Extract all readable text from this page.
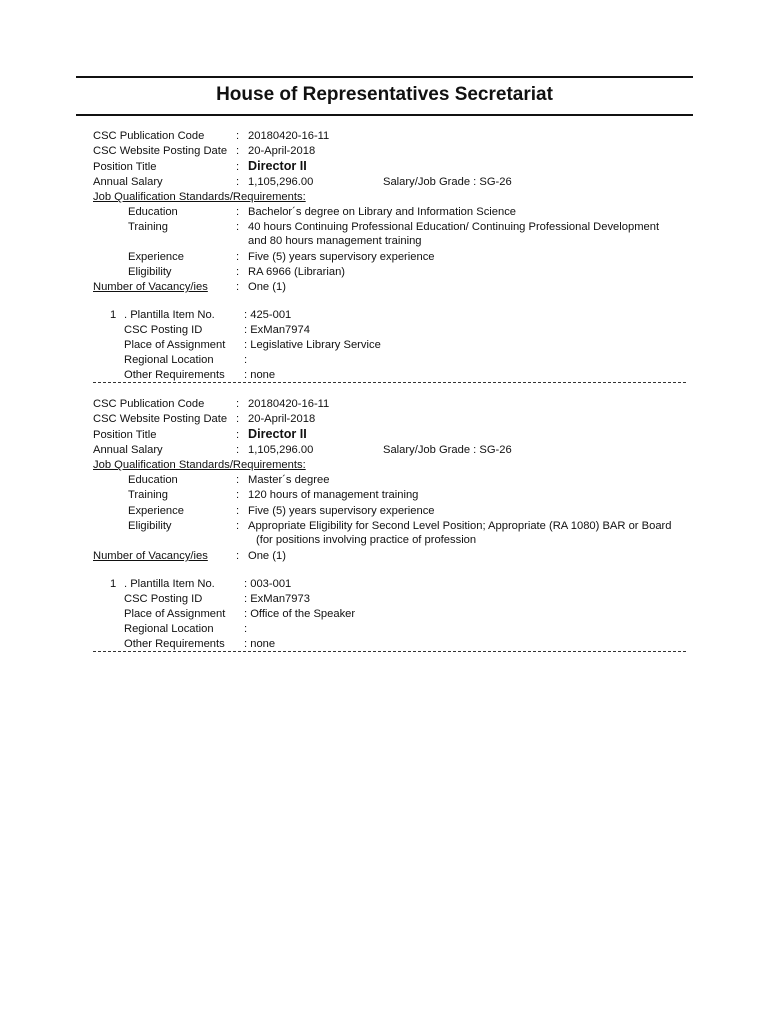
House of Representatives Secretariat
CSC Publication Code	: 20180420-16-11
CSC Website Posting Date : 20-April-2018
Position Title	: Director II
Annual Salary	: 1,105,296.00	Salary/Job Grade : SG-26
Job Qualification Standards/Requirements:
Education	: Bachelor´s degree on Library and Information Science
Training	: 40 hours Continuing Professional Education/ Continuing Professional Development
and 80 hours management training
Experience	: Five (5) years supervisory experience
Eligibility	: RA 6966 (Librarian)
Number of Vacancy/ies	: One (1)
1 . Plantilla Item No.	: 425-001
CSC Posting ID	: ExMan7974
Place of Assignment : Legislative Library Service
Regional Location	:
Other Requirements : none
CSC Publication Code	: 20180420-16-11
CSC Website Posting Date : 20-April-2018
Position Title	: Director II
Annual Salary	: 1,105,296.00	Salary/Job Grade : SG-26
Job Qualification Standards/Requirements:
Education	: Master´s degree
Training	: 120 hours of management training
Experience	: Five (5) years supervisory experience
Eligibility	: Appropriate Eligibility for Second Level Position; Appropriate (RA 1080) BAR or Board
(for positions involving practice of profession
Number of Vacancy/ies	: One (1)
1 . Plantilla Item No.	: 003-001
CSC Posting ID	: ExMan7973
Place of Assignment : Office of the Speaker
Regional Location	:
Other Requirements : none
